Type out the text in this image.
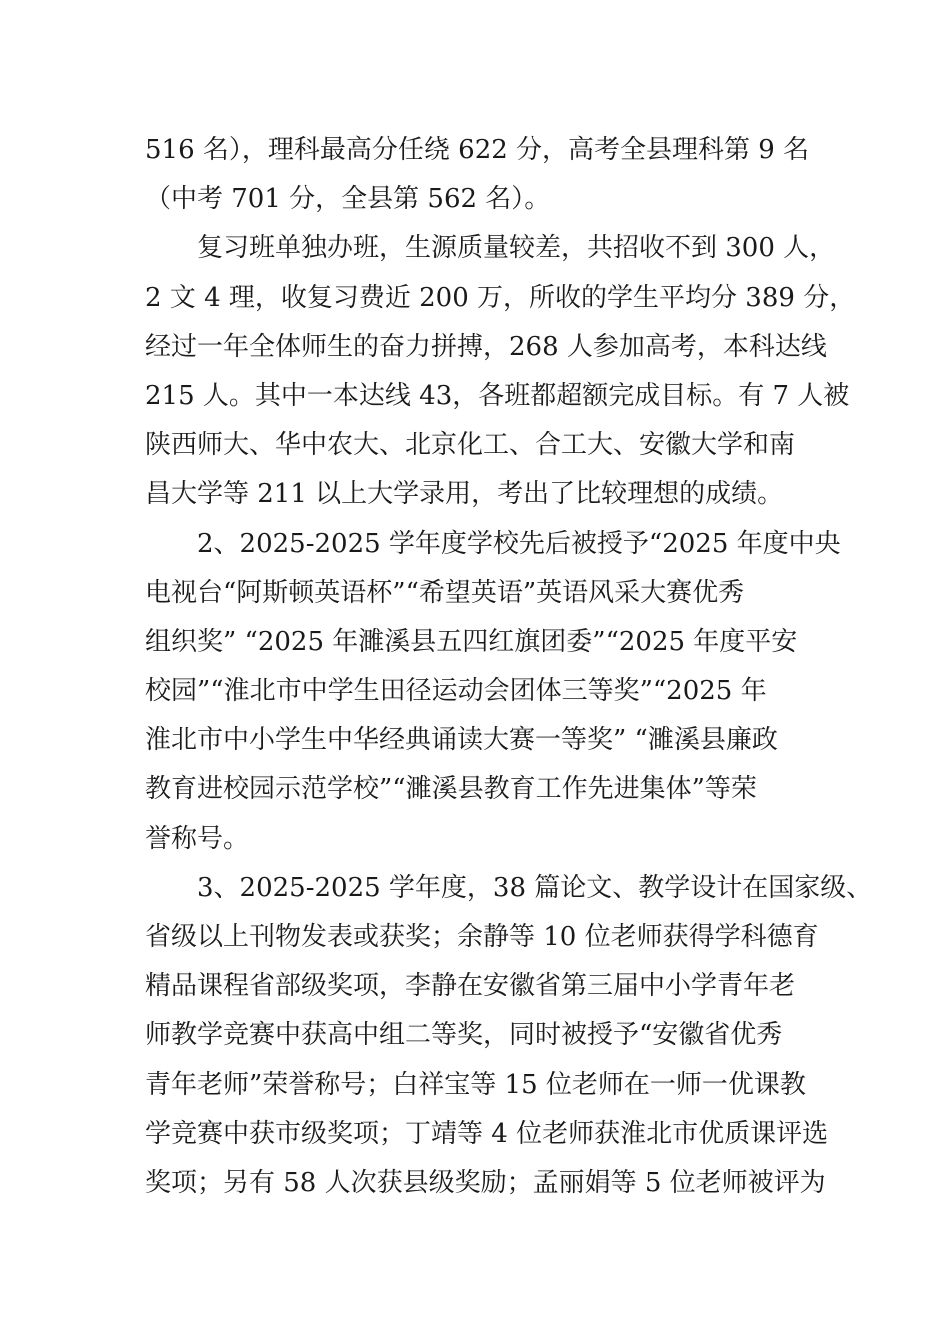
516 名），理科最高分任绕 622 分，高考全县理科第 9 名
（中考 701 分，全县第 562 名）。
复习班单独办班，生源质量较差，共招收不到 300 人，
2 文 4 理，收复习费近 200 万，所收的学生平均分 389 分，
经过一年全体师生的奋力拼搏，268 人参加高考，本科达线
215 人。其中一本达线 43，各班都超额完成目标。有 7 人被
陕西师大、华中农大、北京化工、合工大、安徽大学和南
昌大学等 211 以上大学录用，考出了比较理想的成绩。
2、2025-2025 学年度学校先后被授予“2025 年度中央
电视台“阿斯顿英语杯”“希望英语”英语风采大赛优秀
组织奖” “2025 年濉溪县五四红旗团委”“2025 年度平安
校园”“淮北市中学生田径运动会团体三等奖”“2025 年
淮北市中小学生中华经典诵读大赛一等奖” “濉溪县廉政
教育进校园示范学校”“濉溪县教育工作先进集体”等荣
誉称号。
3、2025-2025 学年度，38 篇论文、教学设计在国家级、
省级以上刊物发表或获奖；余静等 10 位老师获得学科德育
精品课程省部级奖项，李静在安徽省第三届中小学青年老
师教学竞赛中获高中组二等奖，同时被授予“安徽省优秀
青年老师”荣誉称号；白祥宝等 15 位老师在一师一优课教
学竞赛中获市级奖项；丁靖等 4 位老师获淮北市优质课评选
奖项；另有 58 人次获县级奖励；孟丽娟等 5 位老师被评为
